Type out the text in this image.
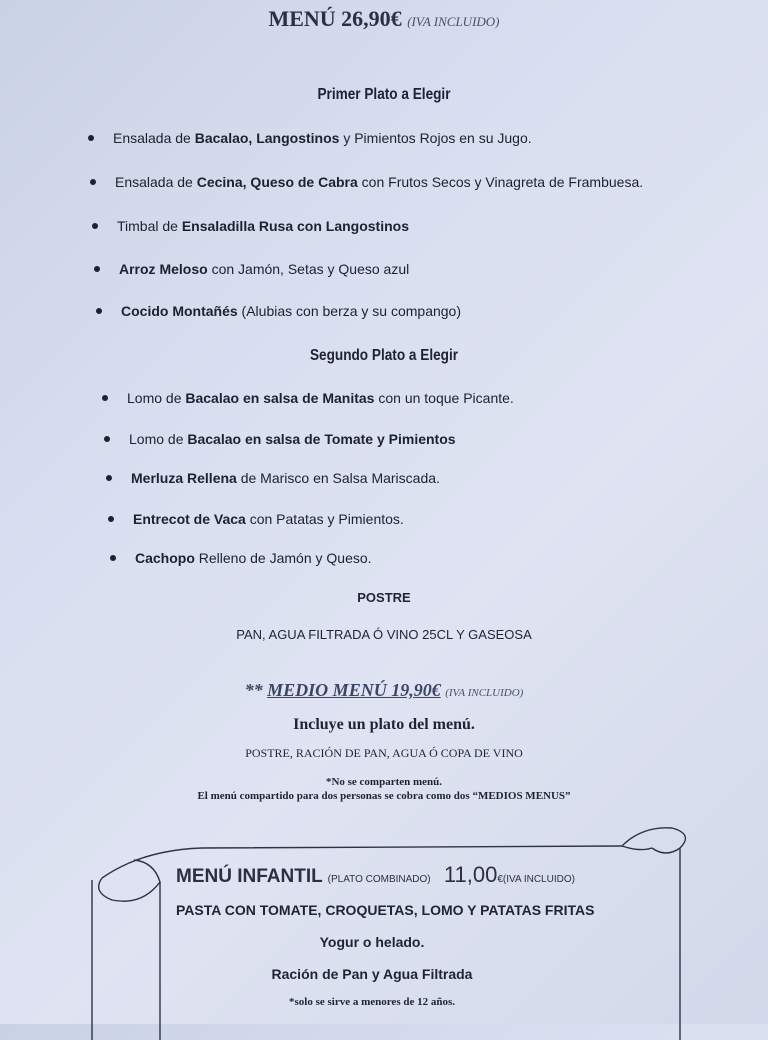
MENÚ 26,90€ (IVA INCLUIDO)
Primer Plato a Elegir
Ensalada de Bacalao, Langostinos y Pimientos Rojos en su Jugo.
Ensalada de Cecina, Queso de Cabra con Frutos Secos y Vinagreta de Frambuesa.
Timbal de Ensaladilla Rusa con Langostinos
Arroz Meloso con Jamón, Setas y Queso azul
Cocido Montañés (Alubias con berza y su compango)
Segundo Plato a Elegir
Lomo de Bacalao en salsa de Manitas con un toque Picante.
Lomo de Bacalao en salsa de Tomate y Pimientos
Merluza Rellena de Marisco en Salsa Mariscada.
Entrecot de Vaca con Patatas y Pimientos.
Cachopo Relleno de Jamón y Queso.
POSTRE
PAN, AGUA FILTRADA Ó VINO 25CL Y GASEOSA
** MEDIO MENÚ 19,90€ (IVA INCLUIDO)
Incluye un plato del menú.
POSTRE, RACIÓN DE PAN, AGUA Ó COPA DE VINO
*No se comparten menú.
El menú compartido para dos personas se cobra como dos “MEDIOS MENUS”
MENÚ INFANTIL (PLATO COMBINADO) 11,00€(IVA INCLUIDO)
PASTA CON TOMATE, CROQUETAS, LOMO Y PATATAS FRITAS
Yogur o helado.
Ración de Pan y Agua Filtrada
*solo se sirve a menores de 12 años.
